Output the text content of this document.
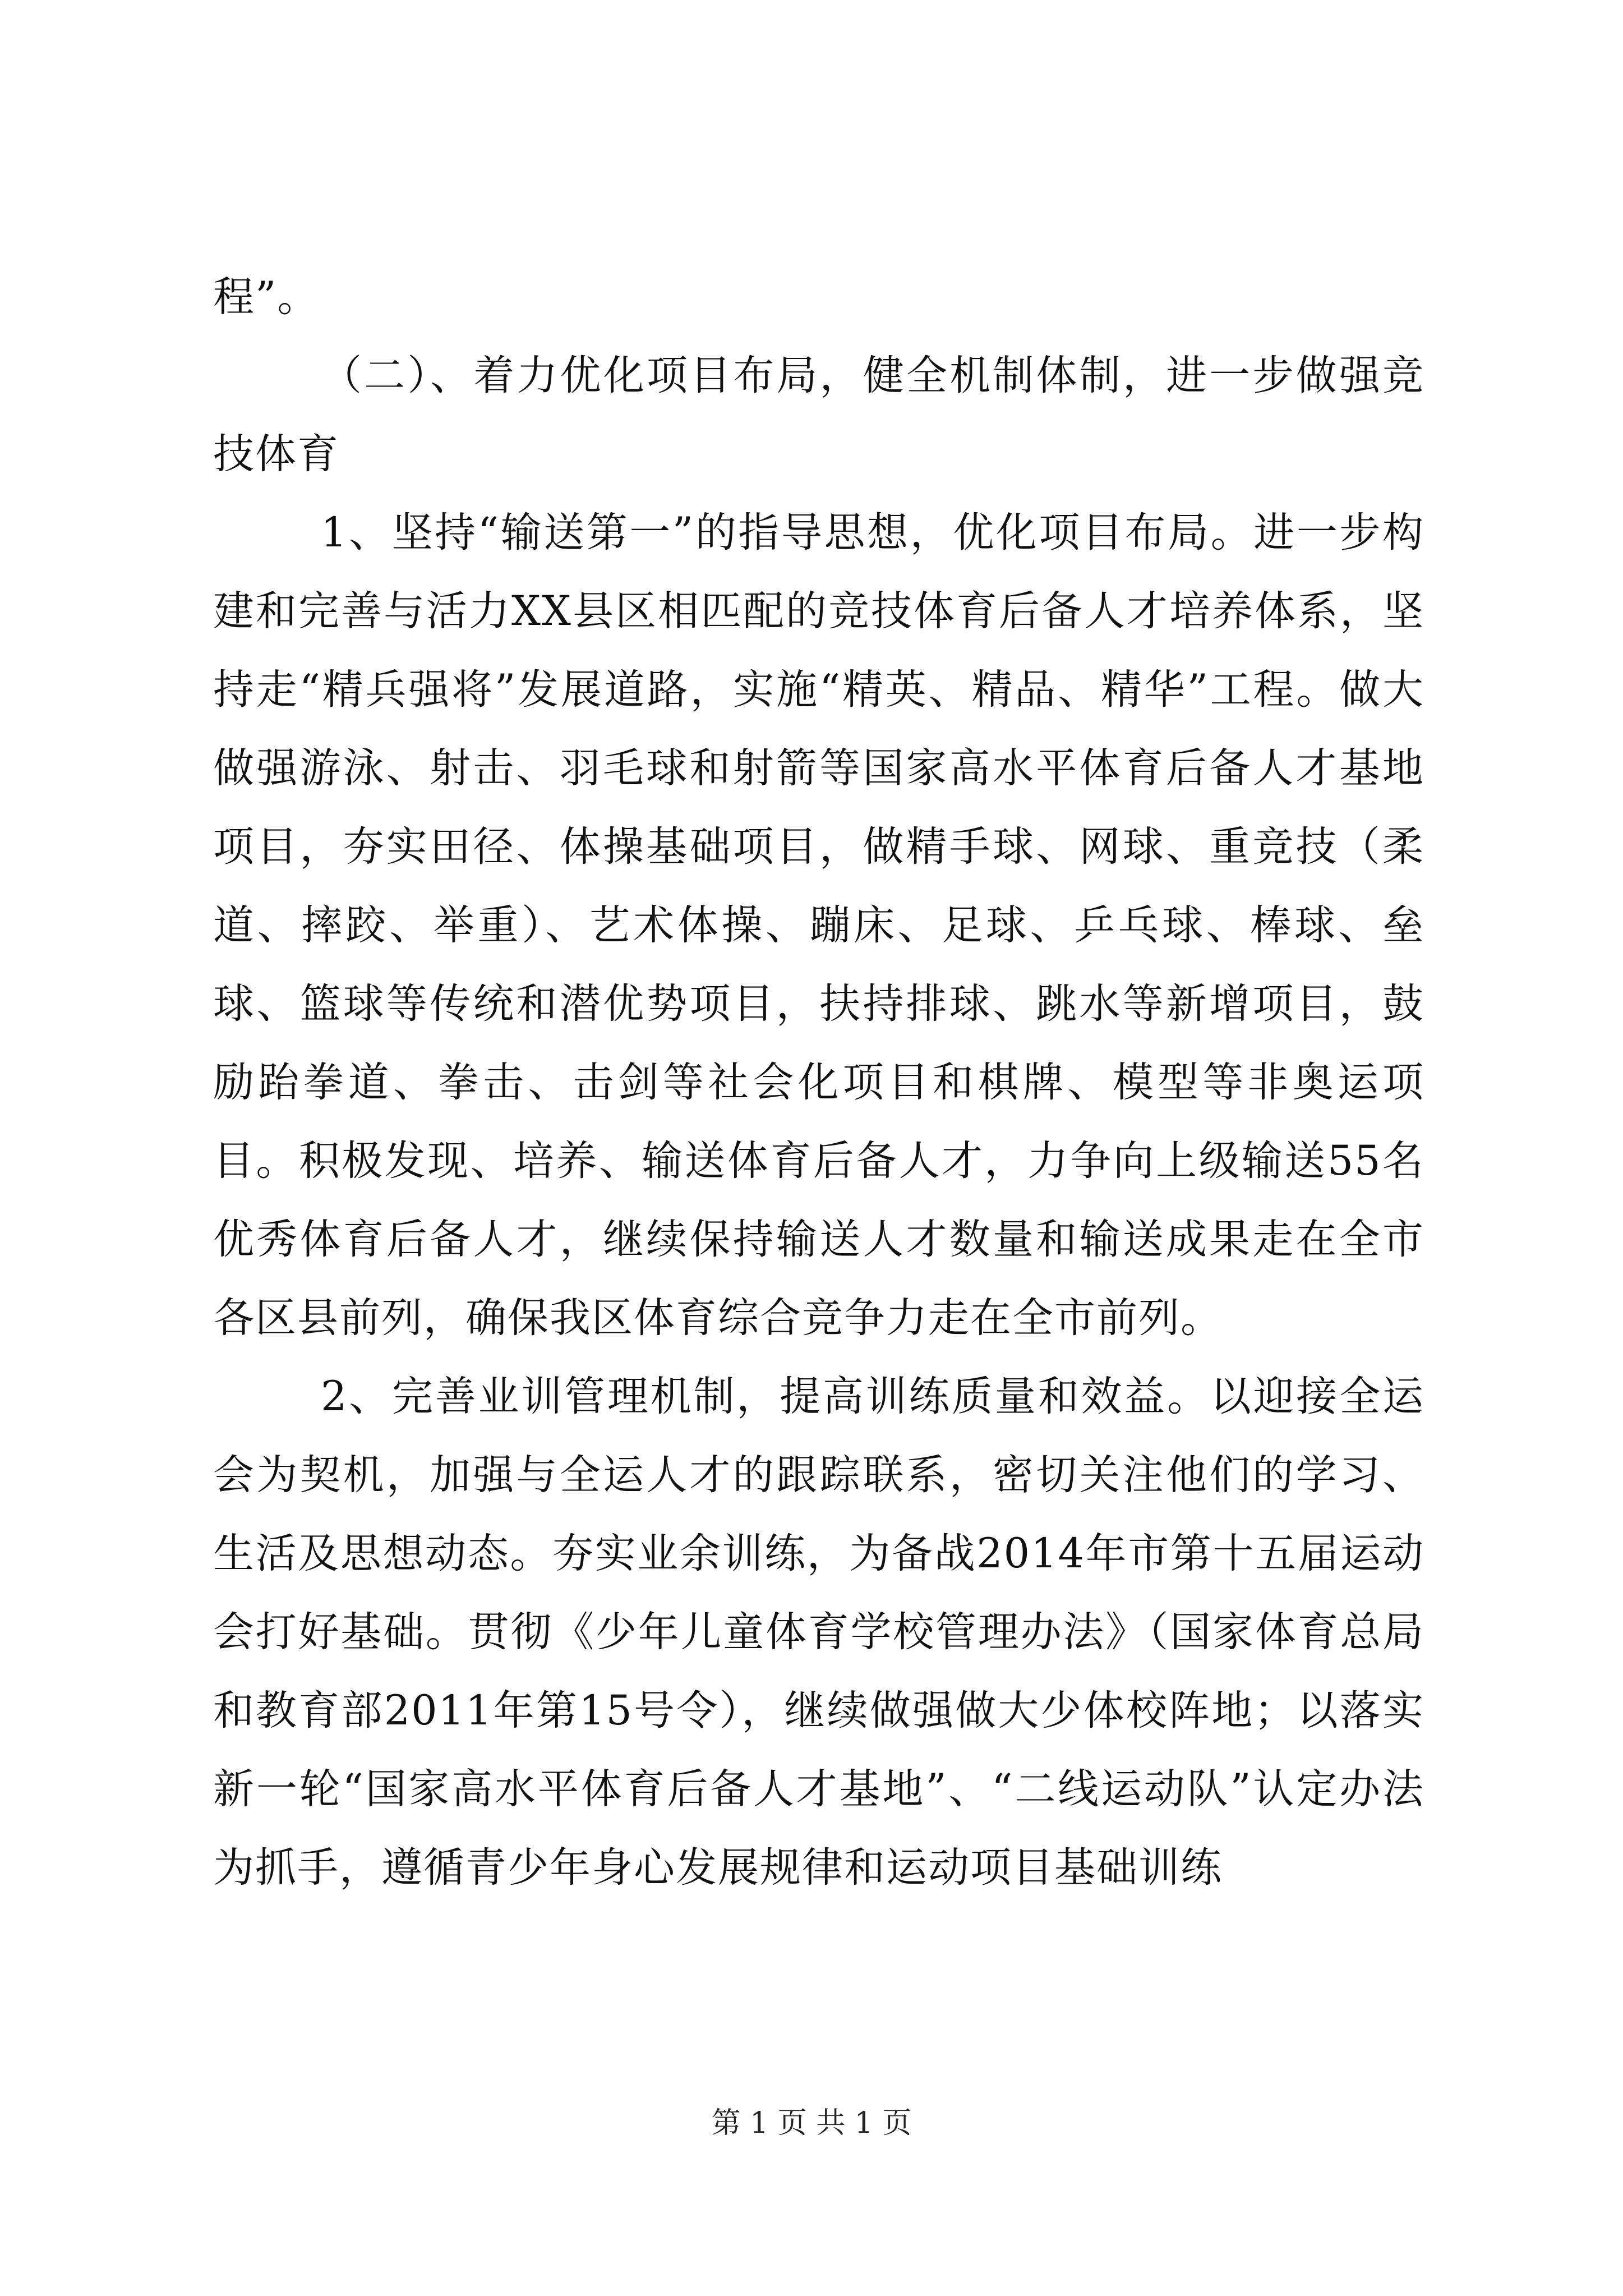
程”。

（二）、着力优化项目布局，健全机制体制，进一步做强竞技体育

1、坚持“输送第一”的指导思想，优化项目布局。进一步构建和完善与活力XX县区相匹配的竞技体育后备人才培养体系，坚持走“精兵强将”发展道路，实施“精英、精品、精华”工程。做大做强游泳、射击、羽毛球和射箭等国家高水平体育后备人才基地项目，夯实田径、体操基础项目，做精手球、网球、重竞技（柔道、摔跤、举重）、艺术体操、蹦床、足球、乒乓球、棒球、垒球、篮球等传统和潜优势项目，扶持排球、跳水等新增项目，鼓励跆拳道、拳击、击剑等社会化项目和棋牌、模型等非奥运项目。积极发现、培养、输送体育后备人才，力争向上级输送55名优秀体育后备人才，继续保持输送人才数量和输送成果走在全市各区县前列，确保我区体育综合竞争力走在全市前列。

2、完善业训管理机制，提高训练质量和效益。以迎接全运会为契机，加强与全运人才的跟踪联系，密切关注他们的学习、生活及思想动态。夯实业余训练，为备战2014年市第十五届运动会打好基础。贯彻《少年儿童体育学校管理办法》（国家体育总局和教育部2011年第15号令），继续做强做大少体校阵地；以落实新一轮“国家高水平体育后备人才基地”、“二线运动队”认定办法为抓手，遵循青少年身心发展规律和运动项目基础训练

第 1 页 共 1 页
